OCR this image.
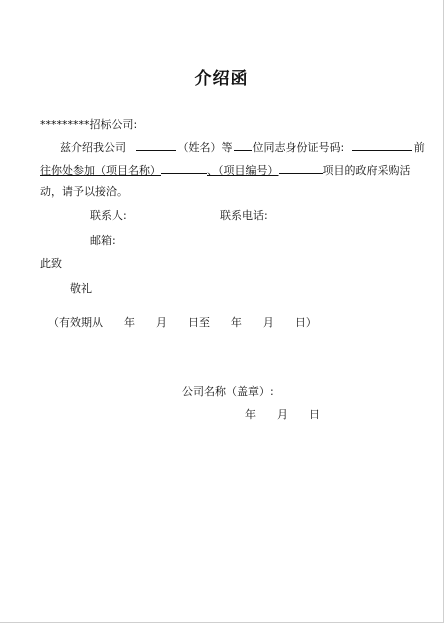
介绍函
*********招标公司:
兹介绍我公司	（姓名）等 位同志身份证号码:	前
往你处参加（项目名称）	、（项目编号）	项目的政府采购活
动，请予以接洽。
联系人:	联系电话:
邮箱:
此致
敬礼
（有效期从      年      月      日至      年      月      日）
公司名称（盖章）:
年      月      日
